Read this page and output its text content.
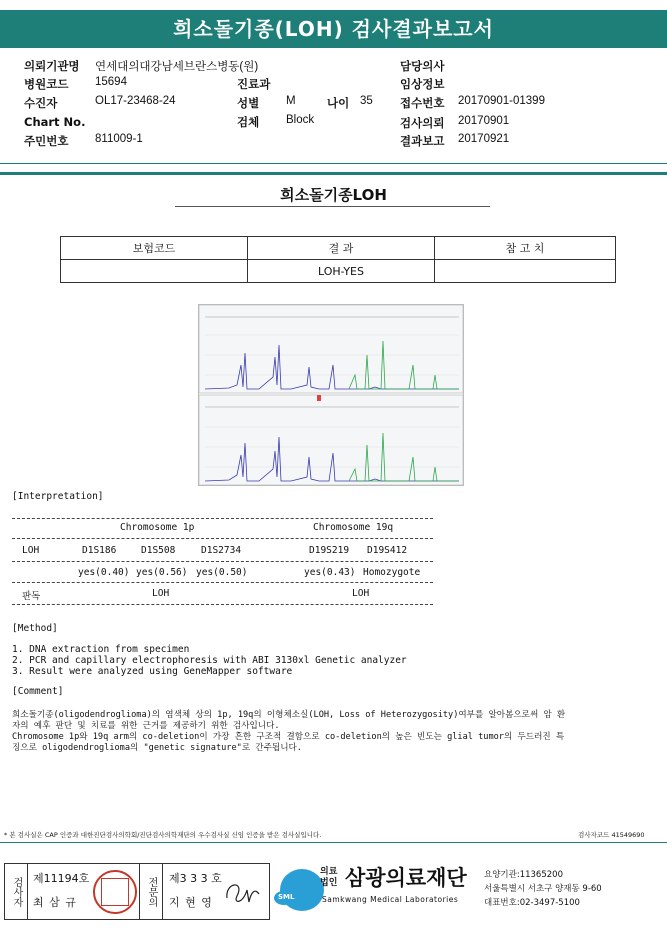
희소돌기종(LOH) 검사결과보고서
의뢰기관명 연세대의대강남세브란스병동(원)
병원코드 15694
수진자	OL17-23468-24
Chart No.
주민번호 811009-1
진료과
성별 M	나이 35
검체 Block
담당의사
임상정보
접수번호 20170901-01399
검사의뢰 20170901
결과보고 20170921
희소돌기종LOH
보험코드	결 과	참 고 치
	LOH-YES	
[Interpretation]
Chromosome 1p	Chromosome 19q
LOH	D1S186	D1S508	D1S2734	D19S219 D19S412
yes(0.40) yes(0.56) yes(0.50)	yes(0.43) Homozygote
판독	LOH	LOH
[Method]
1. DNA extraction from specimen
2. PCR and capillary electrophoresis with ABI 3130xl Genetic analyzer
3. Result were analyzed using GeneMapper software
[Comment]
희소돌기종(oligodendroglioma)의 염색체 상의 1p, 19q의 이형체소실(LOH, Loss of Heterozygosity)여부를 알아봄으로써 암 환
자의 예후 판단 및 치료를 위한 근거를 제공하기 위한 검사입니다.
Chromosome 1p와 19q arm의 co-deletion이 가장 흔한 구조적 결함으로 co-deletion의 높은 빈도는 glial tumor의 두드러진 특
징으로 oligodendroglioma의 "genetic signature"로 간주됩니다.
* 본 검사실은 CAP 인증과 대한진단검사의학회/진단검사의학재단의 우수검사실 신임 인증을 받은 검사실입니다.	검사자코드 41549690
검사자	제11194호
최 삼 규	전문의	제3 3 3 호
지 현 영	SML
의료법인 삼광의료재단
Samkwang Medical Laboratories
요양기관:11365200
서울특별시 서초구 양재동 9-60
대표번호:02-3497-5100
